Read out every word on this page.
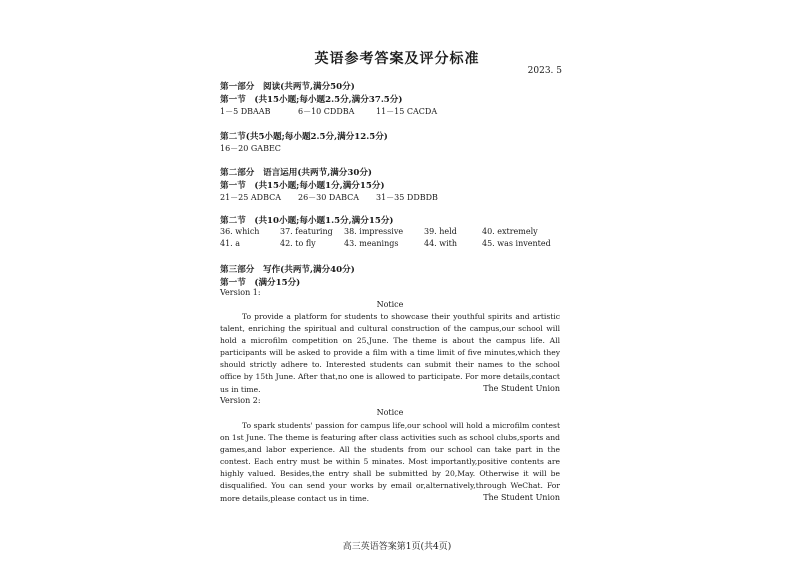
英语参考答案及评分标准
2023. 5
第一部分　阅读(共两节,满分50分)
第一节　(共15小题;每小题2.5分,满分37.5分)
1－5 DBAAB	6－10 CDDBA	11－15 CACDA
第二节(共5小题;每小题2.5分,满分12.5分)
16－20 GABEC
第二部分　语言运用(共两节,满分30分)
第一节　(共15小题;每小题1分,满分15分)
21－25 ADBCA 26－30 DABCA 31－35 DDBDB
第二节　(共10小题;每小题1.5分,满分15分)
36. which	37. featuring 38. impressive	39. held	40. extremely
41. a	42. to fly	43. meanings	44. with	45. was invented
第三部分　写作(共两节,满分40分)
第一节　(满分15分)
Version 1:
Notice
To provide a platform for students to showcase their youthful spirits and artistic talent, enriching the spiritual and cultural construction of the campus,our school will hold a microfilm competition on 25,June. The theme is about the campus life. All participants will be asked to provide a film with a time limit of five minutes,which they should strictly adhere to. Interested students can submit their names to the school office by 15th June. After that,no one is allowed to participate. For more details,contact us in time.	The Student Union
Version 2:
Notice
To spark students' passion for campus life,our school will hold a microfilm contest on 1st June. The theme is featuring after class activities such as school clubs,sports and games,and labor experience. All the students from our school can take part in the contest. Each entry must be within 5 minates. Most importantly,positive contents are highly valued. Besides,the entry shall be submitted by 20,May. Otherwise it will be disqualified. You can send your works by email or,alternatively,through WeChat. For more details,please contact us in time.	The Student Union
高三英语答案第1页(共4页)
